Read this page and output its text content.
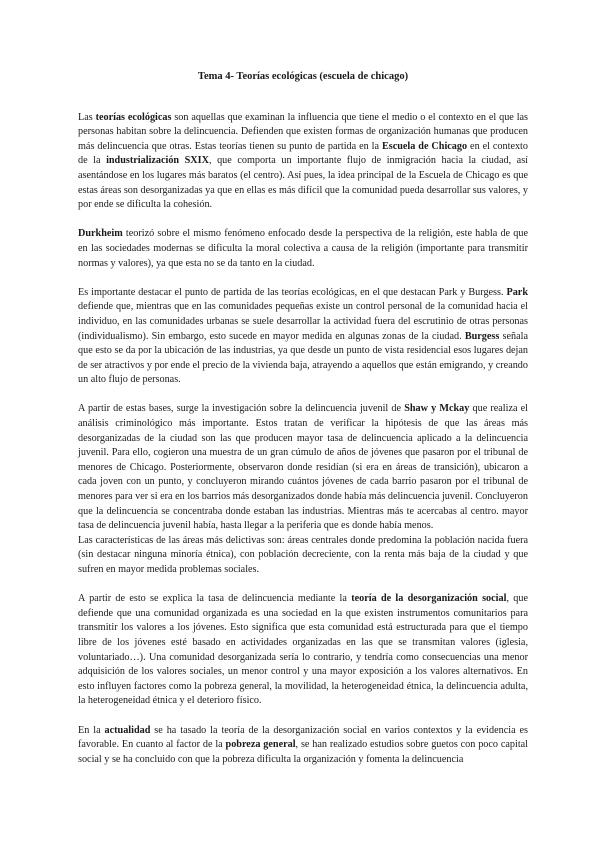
Tema 4- Teorías ecológicas (escuela de chicago)

Las teorías ecológicas son aquellas que examinan la influencia que tiene el medio o el contexto en el que las personas habitan sobre la delincuencia. Defienden que existen formas de organización humanas que producen más delincuencia que otras. Estas teorías tienen su punto de partida en la Escuela de Chicago en el contexto de la industrialización SXIX, que comporta un importante flujo de inmigración hacia la ciudad, así asentándose en los lugares más baratos (el centro). Así pues, la idea principal de la Escuela de Chicago es que estas áreas son desorganizadas ya que en ellas es más difícil que la comunidad pueda desarrollar sus valores, y por ende se dificulta la cohesión.

Durkheim teorizó sobre el mismo fenómeno enfocado desde la perspectiva de la religión, este habla de que en las sociedades modernas se dificulta la moral colectiva a causa de la religión (importante para transmitir normas y valores), ya que esta no se da tanto en la ciudad.

Es importante destacar el punto de partida de las teorías ecológicas, en el que destacan Park y Burgess. Park defiende que, mientras que en las comunidades pequeñas existe un control personal de la comunidad hacia el individuo, en las comunidades urbanas se suele desarrollar la actividad fuera del escrutinio de otras personas (individualismo). Sin embargo, esto sucede en mayor medida en algunas zonas de la ciudad. Burgess señala que esto se da por la ubicación de las industrias, ya que desde un punto de vista residencial esos lugares dejan de ser atractivos y por ende el precio de la vivienda baja, atrayendo a aquellos que están emigrando, y creando un alto flujo de personas.

A partir de estas bases, surge la investigación sobre la delincuencia juvenil de Shaw y Mckay que realiza el análisis criminológico más importante. Estos tratan de verificar la hipótesis de que las áreas más desorganizadas de la ciudad son las que producen mayor tasa de delincuencia aplicado a la delincuencia juvenil. Para ello, cogieron una muestra de un gran cúmulo de años de jóvenes que pasaron por el tribunal de menores de Chicago. Posteriormente, observaron donde residían (si era en áreas de transición), ubicaron a cada joven con un punto, y concluyeron mirando cuántos jóvenes de cada barrio pasaron por el tribunal de menores para ver si era en los barrios más desorganizados donde había más delincuencia juvenil. Concluyeron que la delincuencia se concentraba donde estaban las industrias. Mientras más te acercabas al centro. mayor tasa de delincuencia juvenil había, hasta llegar a la periferia que es donde había menos.

Las características de las áreas más delictivas son: áreas centrales donde predomina la población nacida fuera (sin destacar ninguna minoría étnica), con población decreciente, con la renta más baja de la ciudad y que sufren en mayor medida problemas sociales.

A partir de esto se explica la tasa de delincuencia mediante la teoría de la desorganización social, que defiende que una comunidad organizada es una sociedad en la que existen instrumentos comunitarios para transmitir los valores a los jóvenes. Esto significa que esta comunidad está estructurada para que el tiempo libre de los jóvenes esté basado en actividades organizadas en las que se transmitan valores (iglesia, voluntariado…). Una comunidad desorganizada sería lo contrario, y tendría como consecuencias una menor adquisición de los valores sociales, un menor control y una mayor exposición a los valores alternativos. En esto influyen factores como la pobreza general, la movilidad, la heterogeneidad étnica, la delincuencia adulta, la heterogeneidad étnica y el deterioro físico.

En la actualidad se ha tasado la teoría de la desorganización social en varios contextos y la evidencia es favorable. En cuanto al factor de la pobreza general, se han realizado estudios sobre guetos con poco capital social y se ha concluido con que la pobreza dificulta la organización y fomenta la delincuencia
